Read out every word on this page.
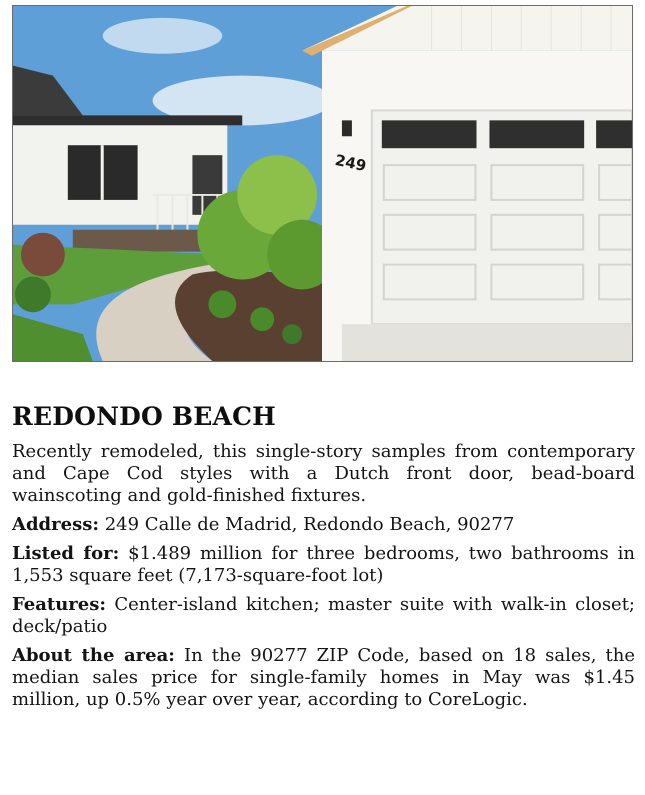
249
REDONDO BEACH

Recently remodeled, this single-story samples from contemporary and Cape Cod styles with a Dutch front door, bead-board wainscoting and gold-finished fixtures.

Address: 249 Calle de Madrid, Redondo Beach, 90277

Listed for: $1.489 million for three bedrooms, two bathrooms in 1,553 square feet (7,173-square-foot lot)

Features: Center-island kitchen; master suite with walk-in closet; deck/patio

About the area: In the 90277 ZIP Code, based on 18 sales, the median sales price for single-family homes in May was $1.45 million, up 0.5% year over year, according to CoreLogic.
